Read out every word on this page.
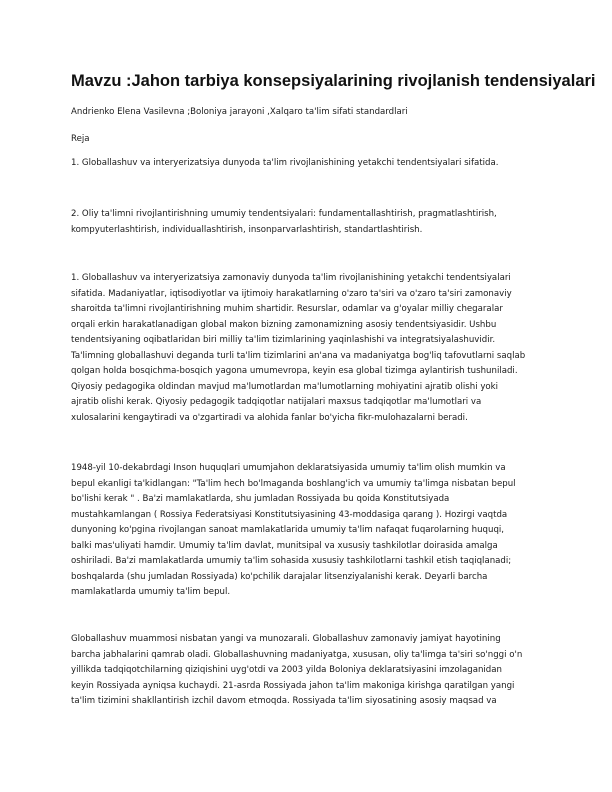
Mavzu :Jahon tarbiya konsepsiyalarining rivojlanish tendensiyalari

Andrienko Elena Vasilevna ;Boloniya jarayoni ,Xalqaro ta'lim sifati standardlari

Reja

1. Globallashuv va interyerizatsiya dunyoda ta'lim rivojlanishining yetakchi tendentsiyalari sifatida.

2. Oliy ta'limni rivojlantirishning umumiy tendentsiyalari: fundamentallashtirish, pragmatlashtirish,
kompyuterlashtirish, individuallashtirish, insonparvarlashtirish, standartlashtirish.

1. Globallashuv va interyerizatsiya zamonaviy dunyoda ta'lim rivojlanishining yetakchi tendentsiyalari
sifatida. Madaniyatlar, iqtisodiyotlar va ijtimoiy harakatlarning o'zaro ta'siri va o'zaro ta'siri zamonaviy
sharoitda ta'limni rivojlantirishning muhim shartidir. Resurslar, odamlar va g'oyalar milliy chegaralar
orqali erkin harakatlanadigan global makon bizning zamonamizning asosiy tendentsiyasidir. Ushbu
tendentsiyaning oqibatlaridan biri milliy ta'lim tizimlarining yaqinlashishi va integratsiyalashuvidir.
Ta'limning globallashuvi deganda turli ta'lim tizimlarini an'ana va madaniyatga bog'liq tafovutlarni saqlab
qolgan holda bosqichma-bosqich yagona umumevropa, keyin esa global tizimga aylantirish tushuniladi.
Qiyosiy pedagogika oldindan mavjud ma'lumotlardan ma'lumotlarning mohiyatini ajratib olishi yoki
ajratib olishi kerak. Qiyosiy pedagogik tadqiqotlar natijalari maxsus tadqiqotlar ma'lumotlari va
xulosalarini kengaytiradi va o'zgartiradi va alohida fanlar bo'yicha fikr-mulohazalarni beradi.

1948-yil 10-dekabrdagi Inson huquqlari umumjahon deklaratsiyasida umumiy ta'lim olish mumkin va
bepul ekanligi ta'kidlangan: "Ta'lim hech bo'lmaganda boshlang'ich va umumiy ta'limga nisbatan bepul
bo'lishi kerak " . Ba'zi mamlakatlarda, shu jumladan Rossiyada bu qoida Konstitutsiyada
mustahkamlangan ( Rossiya Federatsiyasi Konstitutsiyasining 43-moddasiga qarang ). Hozirgi vaqtda
dunyoning ko'pgina rivojlangan sanoat mamlakatlarida umumiy ta'lim nafaqat fuqarolarning huquqi,
balki mas'uliyati hamdir. Umumiy ta'lim davlat, munitsipal va xususiy tashkilotlar doirasida amalga
oshiriladi. Ba'zi mamlakatlarda umumiy ta'lim sohasida xususiy tashkilotlarni tashkil etish taqiqlanadi;
boshqalarda (shu jumladan Rossiyada) ko'pchilik darajalar litsenziyalanishi kerak. Deyarli barcha
mamlakatlarda umumiy ta'lim bepul.

Globallashuv muammosi nisbatan yangi va munozarali. Globallashuv zamonaviy jamiyat hayotining
barcha jabhalarini qamrab oladi. Globallashuvning madaniyatga, xususan, oliy ta'limga ta'siri so'nggi o'n
yillikda tadqiqotchilarning qiziqishini uyg'otdi va 2003 yilda Boloniya deklaratsiyasini imzolaganidan
keyin Rossiyada ayniqsa kuchaydi. 21-asrda Rossiyada jahon ta'lim makoniga kirishga qaratilgan yangi
ta'lim tizimini shakllantirish izchil davom etmoqda. Rossiyada ta'lim siyosatining asosiy maqsad va
